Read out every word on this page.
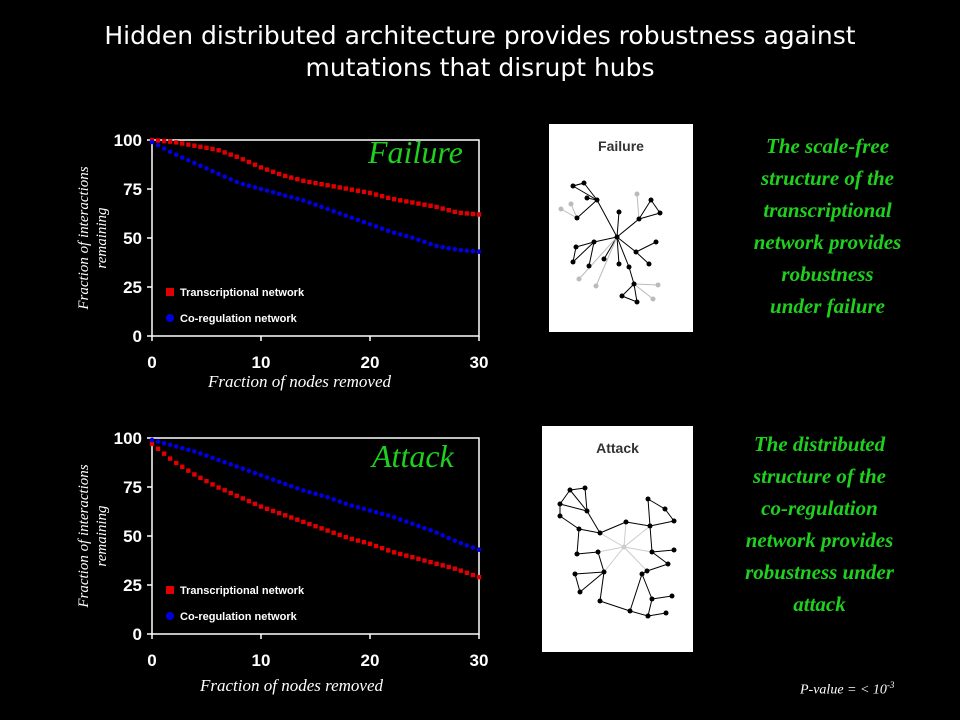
Hidden distributed architecture provides robustness against
mutations that disrupt hubs
0
25
50
75
100
0	10	20	30
Transcriptional network
Co-regulation network
Fraction of interactions remaining
Fraction of nodes removed
Failure
0
25
50
75
100
0	10	20	30
Transcriptional network
Co-regulation network
Fraction of interactions remaining
Fraction of nodes removed
Attack
Failure
Attack
The scale-free
structure of the
transcriptional
network provides
robustness
under failure
The distributed
structure of the
co-regulation
network provides
robustness under
attack
P-value = < $10^{-3}$
